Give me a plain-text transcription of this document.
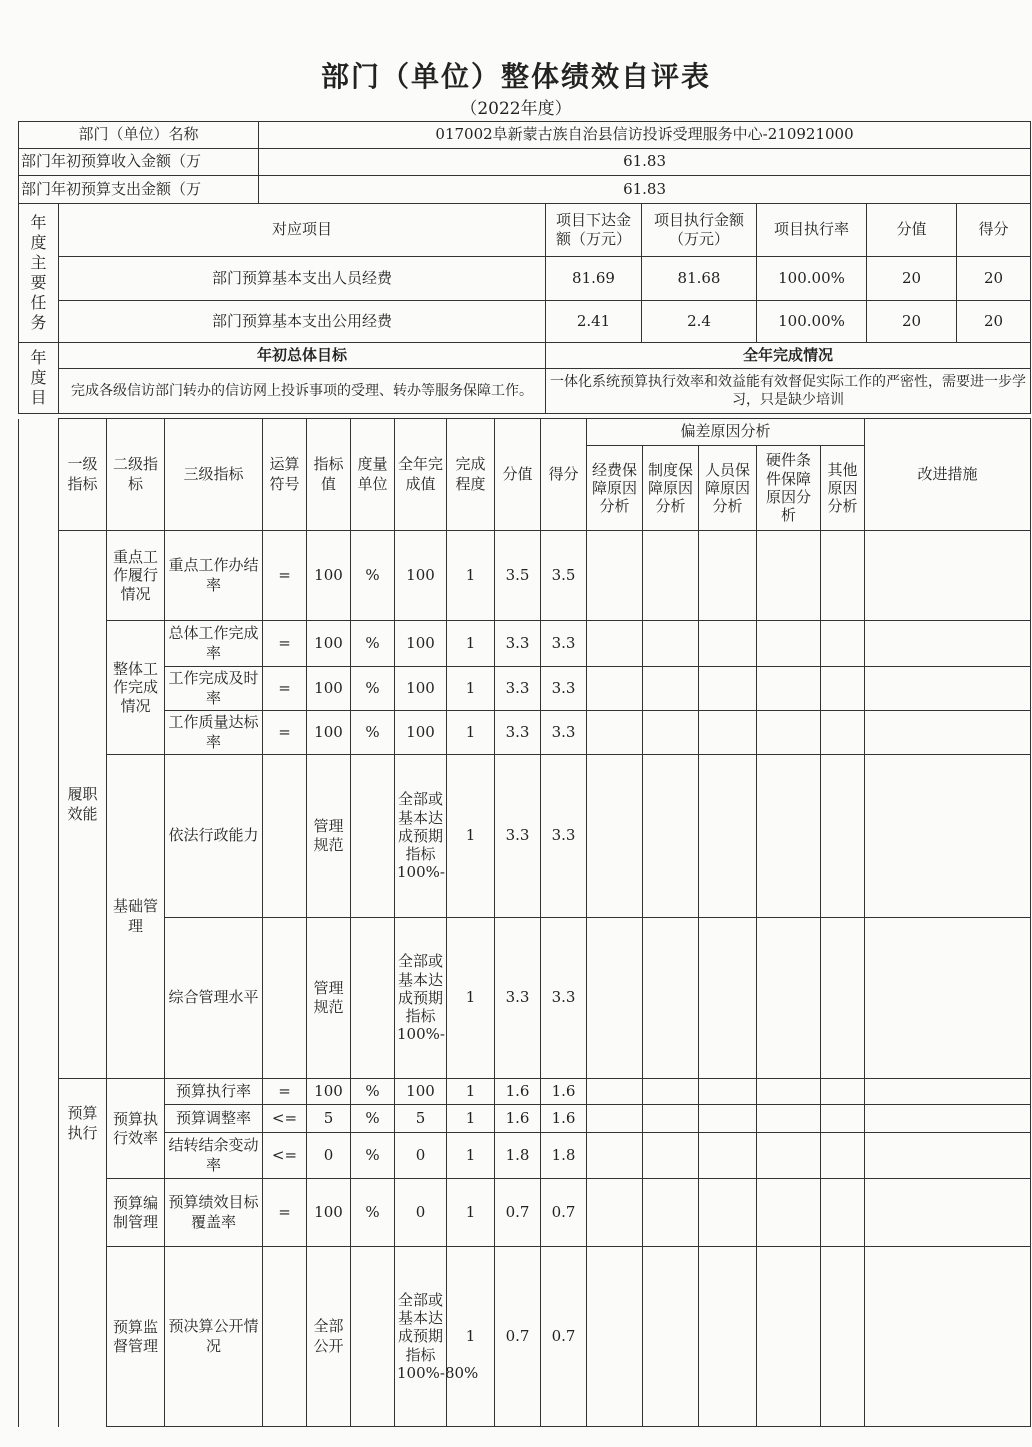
部门（单位）整体绩效自评表
（2022年度）
部门（单位）名称		017002阜新蒙古族自治县信访投诉受理服务中心-210921000					
部门年初预算收入金额（万		61.83					
部门年初预算支出金额（万		61.83					
年度主要任务	对应项目		项目下达金额（万元）	项目执行金额（万元）	项目执行率	分值	得分
	部门预算基本支出人员经费		81.69	81.68	100.00%	20	20
	部门预算基本支出公用经费		2.41	2.4	100.00%	20	20
年度目	年初总体目标		全年完成情况				
	完成各级信访部门转办的信访网上投诉事项的受理、转办等服务保障工作。		一体化系统预算执行效率和效益能有效督促实际工作的严密性，需要进一步学习，只是缺少培训				
	一级指标	二级指标	三级指标	运算符号	指标值	度量单位	全年完成值	完成程度	分值	得分	偏差原因分析					改进措施
											经费保障原因分析	制度保障原因分析	人员保障原因分析	硬件条件保障原因分析	其他原因分析	
	履职效能	重点工作履行情况	重点工作办结率	=	100	%	100	1	3.5	3.5						
		整体工作完成情况	总体工作完成率	=	100	%	100	1	3.3	3.3						
			工作完成及时率	=	100	%	100	1	3.3	3.3						
			工作质量达标率	=	100	%	100	1	3.3	3.3						
		基础管理	依法行政能力		管理规范		全部或基本达成预期指标100%-	1	3.3	3.3						
			综合管理水平		管理规范		全部或基本达成预期指标100%-	1	3.3	3.3						
	预算执行	预算执行效率	预算执行率	=	100	%	100	1	1.6	1.6						
			预算调整率	<=	5	%	5	1	1.6	1.6						
			结转结余变动率	<=	0	%	0	1	1.8	1.8						
		预算编制管理	预算绩效目标覆盖率	=	100	%	0	1	0.7	0.7						
		预算监督管理	预决算公开情况		全部公开		全部或基本达成预期指标100%-80%	1	0.7	0.7						
